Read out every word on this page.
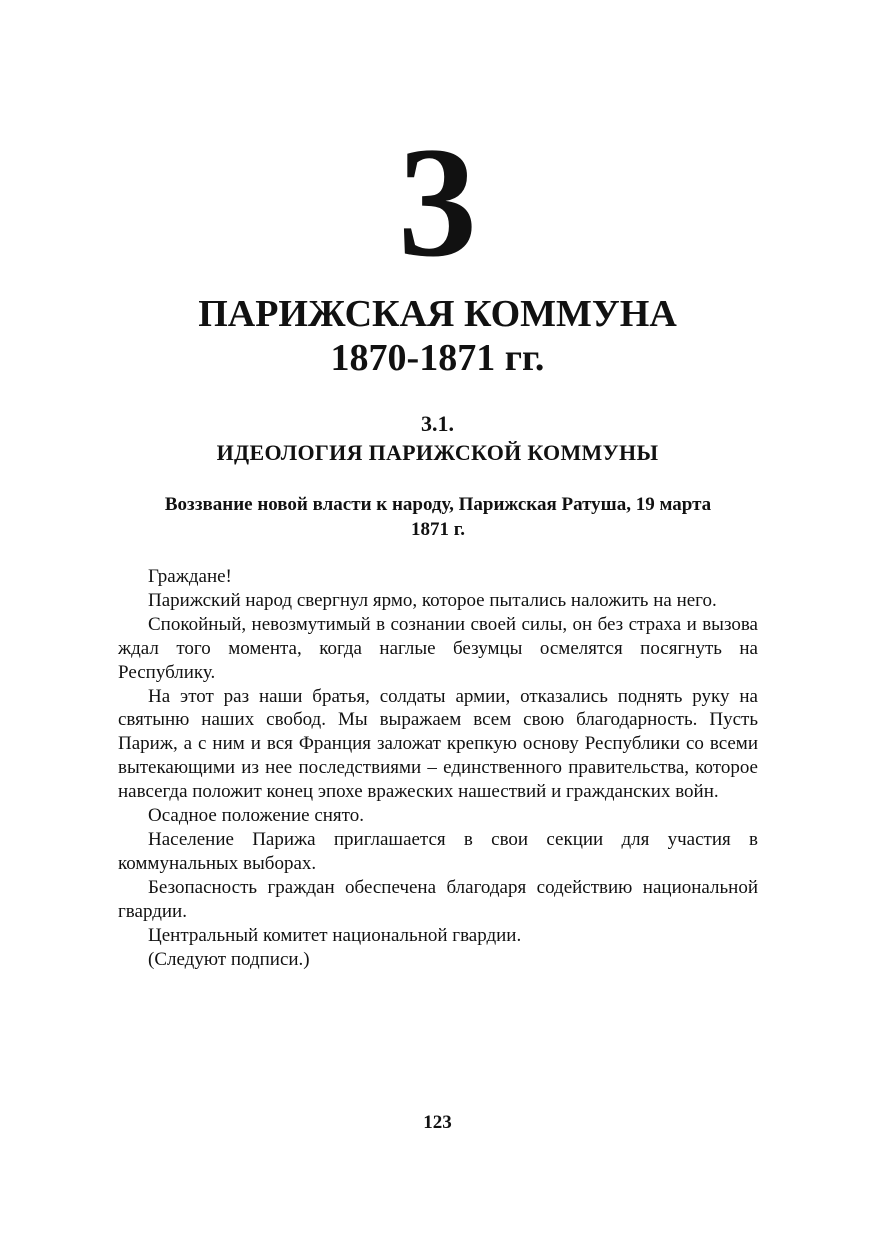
3
ПАРИЖСКАЯ КОММУНА
1870-1871 гг.
3.1.
ИДЕОЛОГИЯ ПАРИЖСКОЙ КОММУНЫ
Воззвание новой власти к народу, Парижская Ратуша, 19 марта
1871 г.

Граждане!

Парижский народ свергнул ярмо, которое пытались наложить на него.

Спокойный, невозмутимый в сознании своей силы, он без страха и вызова ждал того момента, когда наглые безумцы осмелятся посягнуть на Республику.

На этот раз наши братья, солдаты армии, отказались поднять руку на святыню наших свобод. Мы выражаем всем свою благодарность. Пусть Париж, а с ним и вся Франция заложат крепкую основу Республики со всеми вытекающими из нее последствиями – единственного правительства, которое навсегда положит конец эпохе вражеских нашествий и гражданских войн.

Осадное положение снято.

Население Парижа приглашается в свои секции для участия в коммунальных выборах.

Безопасность граждан обеспечена благодаря содействию национальной гвардии.

Центральный комитет национальной гвардии.

(Следуют подписи.)

123
